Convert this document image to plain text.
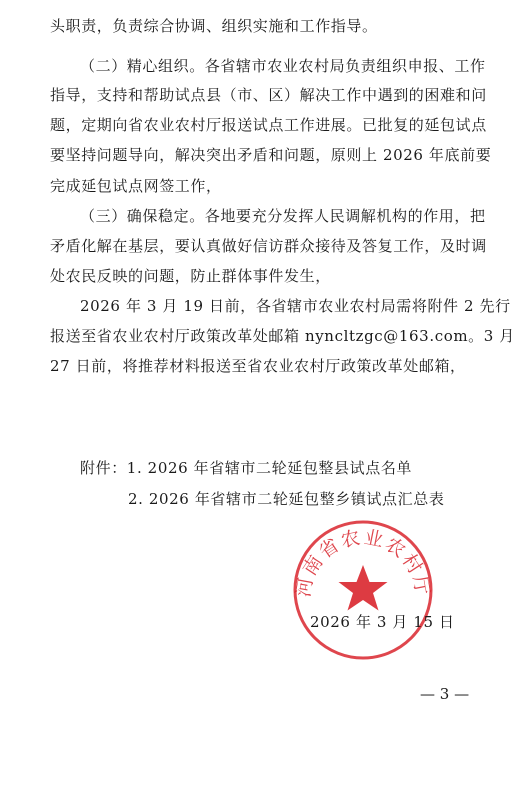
头职责，负责综合协调、组织实施和工作指导。
（二）精心组织。各省辖市农业农村局负责组织申报、工作
指导，支持和帮助试点县（市、区）解决工作中遇到的困难和问
题，定期向省农业农村厅报送试点工作进展。已批复的延包试点
要坚持问题导向，解决突出矛盾和问题，原则上 2026 年底前要
完成延包试点网签工作，
（三）确保稳定。各地要充分发挥人民调解机构的作用，把
矛盾化解在基层，要认真做好信访群众接待及答复工作，及时调
处农民反映的问题，防止群体事件发生，
2026 年 3 月 19 日前，各省辖市农业农村局需将附件 2 先行
报送至省农业农村厅政策改革处邮箱 nyncltzgc@163.com。3 月
27 日前，将推荐材料报送至省农业农村厅政策改革处邮箱，
附件：1. 2026 年省辖市二轮延包整县试点名单
2. 2026 年省辖市二轮延包整乡镇试点汇总表
河南省农业农村厅
2026 年 3 月 15 日
— 3 —
